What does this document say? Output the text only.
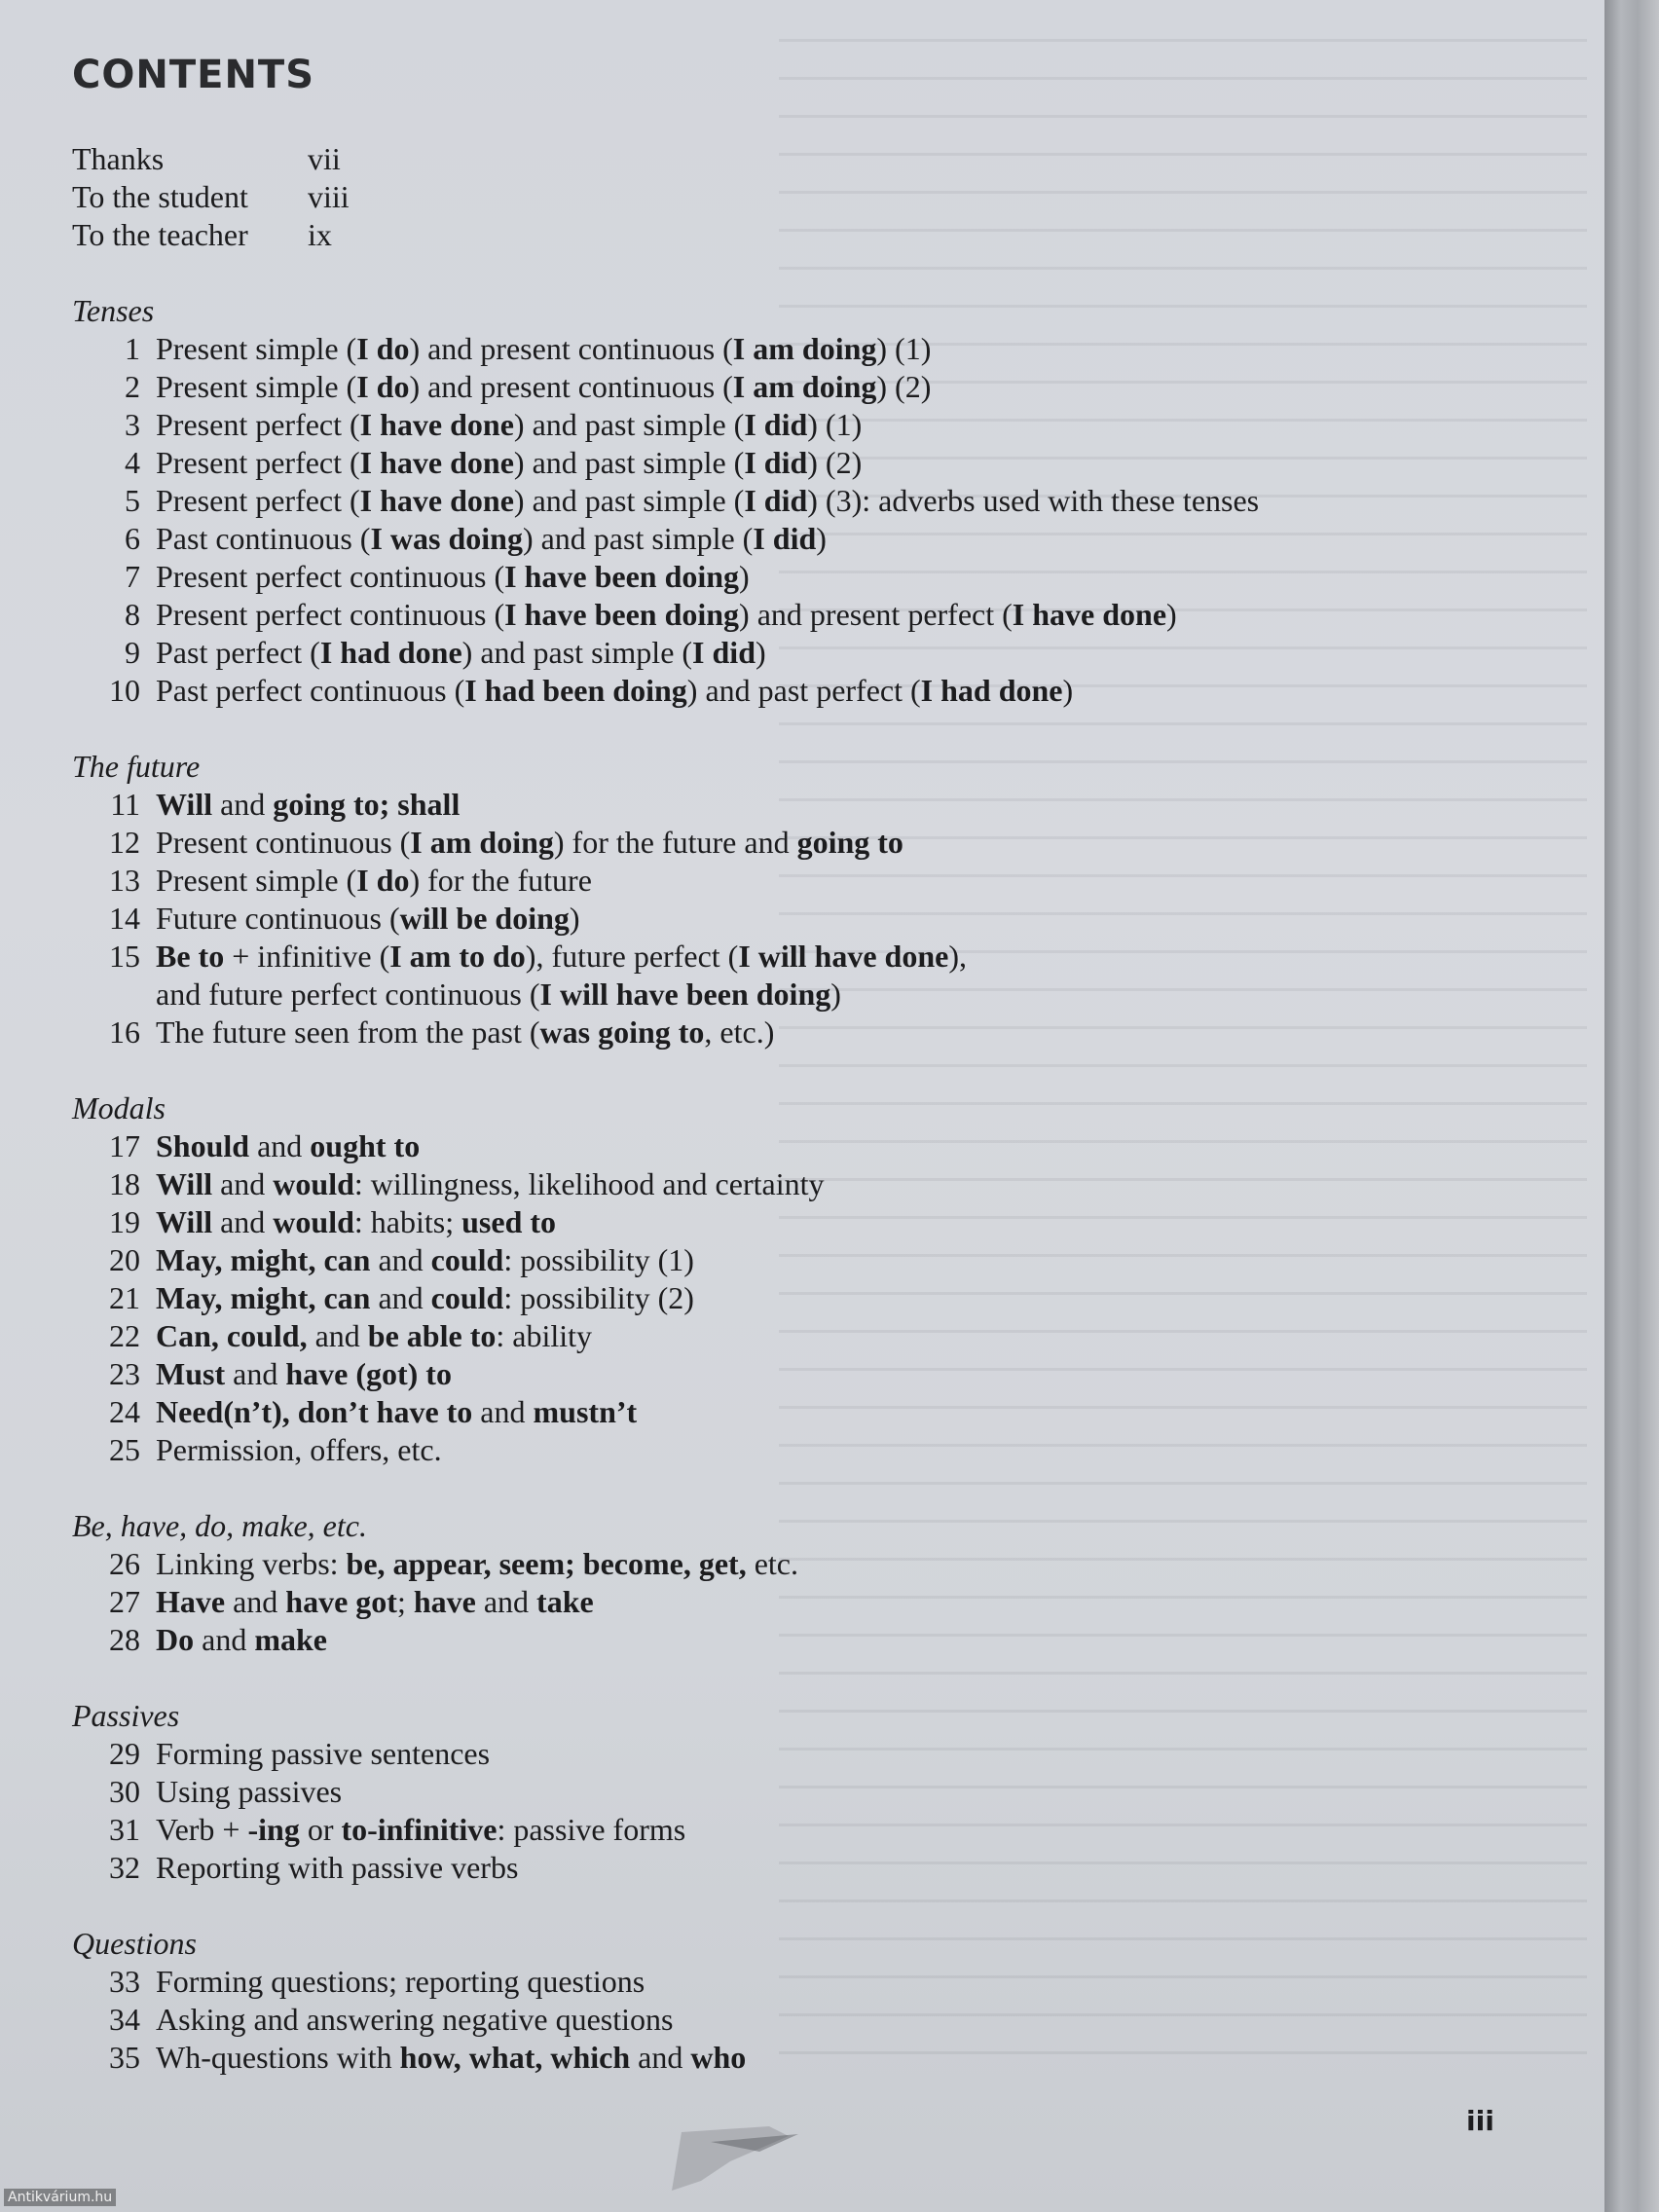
CONTENTS
Thanks	vii
To the student viii
To the teacher ix
Tenses
1 Present simple (I do) and present continuous (I am doing) (1)
2 Present simple (I do) and present continuous (I am doing) (2)
3 Present perfect (I have done) and past simple (I did) (1)
4 Present perfect (I have done) and past simple (I did) (2)
5 Present perfect (I have done) and past simple (I did) (3): adverbs used with these tenses
6 Past continuous (I was doing) and past simple (I did)
7 Present perfect continuous (I have been doing)
8 Present perfect continuous (I have been doing) and present perfect (I have done)
9 Past perfect (I had done) and past simple (I did)
10 Past perfect continuous (I had been doing) and past perfect (I had done)
The future
11 Will and going to; shall
12 Present continuous (I am doing) for the future and going to
13 Present simple (I do) for the future
14 Future continuous (will be doing)
15 Be to + infinitive (I am to do), future perfect (I will have done),
and future perfect continuous (I will have been doing)
16 The future seen from the past (was going to, etc.)
Modals
17 Should and ought to
18 Will and would: willingness, likelihood and certainty
19 Will and would: habits; used to
20 May, might, can and could: possibility (1)
21 May, might, can and could: possibility (2)
22 Can, could, and be able to: ability
23 Must and have (got) to
24 Need(n’t), don’t have to and mustn’t
25 Permission, offers, etc.
Be, have, do, make, etc.
26 Linking verbs: be, appear, seem; become, get, etc.
27 Have and have got; have and take
28 Do and make
Passives
29 Forming passive sentences
30 Using passives
31 Verb + -ing or to-infinitive: passive forms
32 Reporting with passive verbs
Questions
33 Forming questions; reporting questions
34 Asking and answering negative questions
35 Wh-questions with how, what, which and who
iii
Antikvárium.hu
